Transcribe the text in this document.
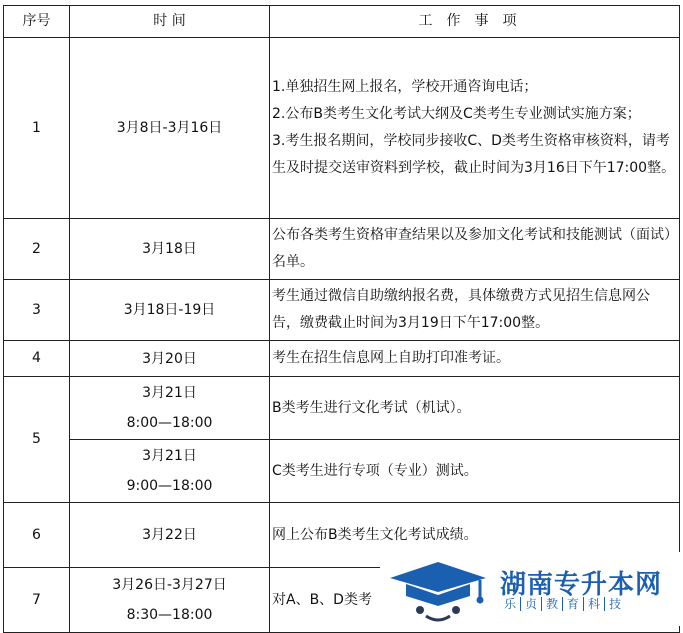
序号	时 间	工作事项
1	3月8日-3月16日	1.单独招生网上报名，学校开通咨询电话；
2.公布B类考生文化考试大纲及C类考生专业测试实施方案；
3.考生报名期间，学校同步接收C、D类考生资格审核资料，请考生及时提交送审资料到学校，截止时间为3月16日下午17:00整。

2	3月18日	公布各类考生资格审查结果以及参加文化考试和技能测试（面试）名单。

3	3月18日-19日	考生通过微信自助缴纳报名费，具体缴费方式见招生信息网公告，缴费截止时间为3月19日下午17:00整。

4	3月20日	考生在招生信息网上自助打印准考证。

5	3月21日
8:00—18:00	B类考生进行文化考试（机试）。

	3月21日
9:00—18:00	C类考生进行专项（专业）测试。

6	3月22日	网上公布B类考生文化考试成绩。

7	3月26日-3月27日
8:30—18:00	对A、B、D类考	湖南专升本网
乐 贞 教 育 科 技
